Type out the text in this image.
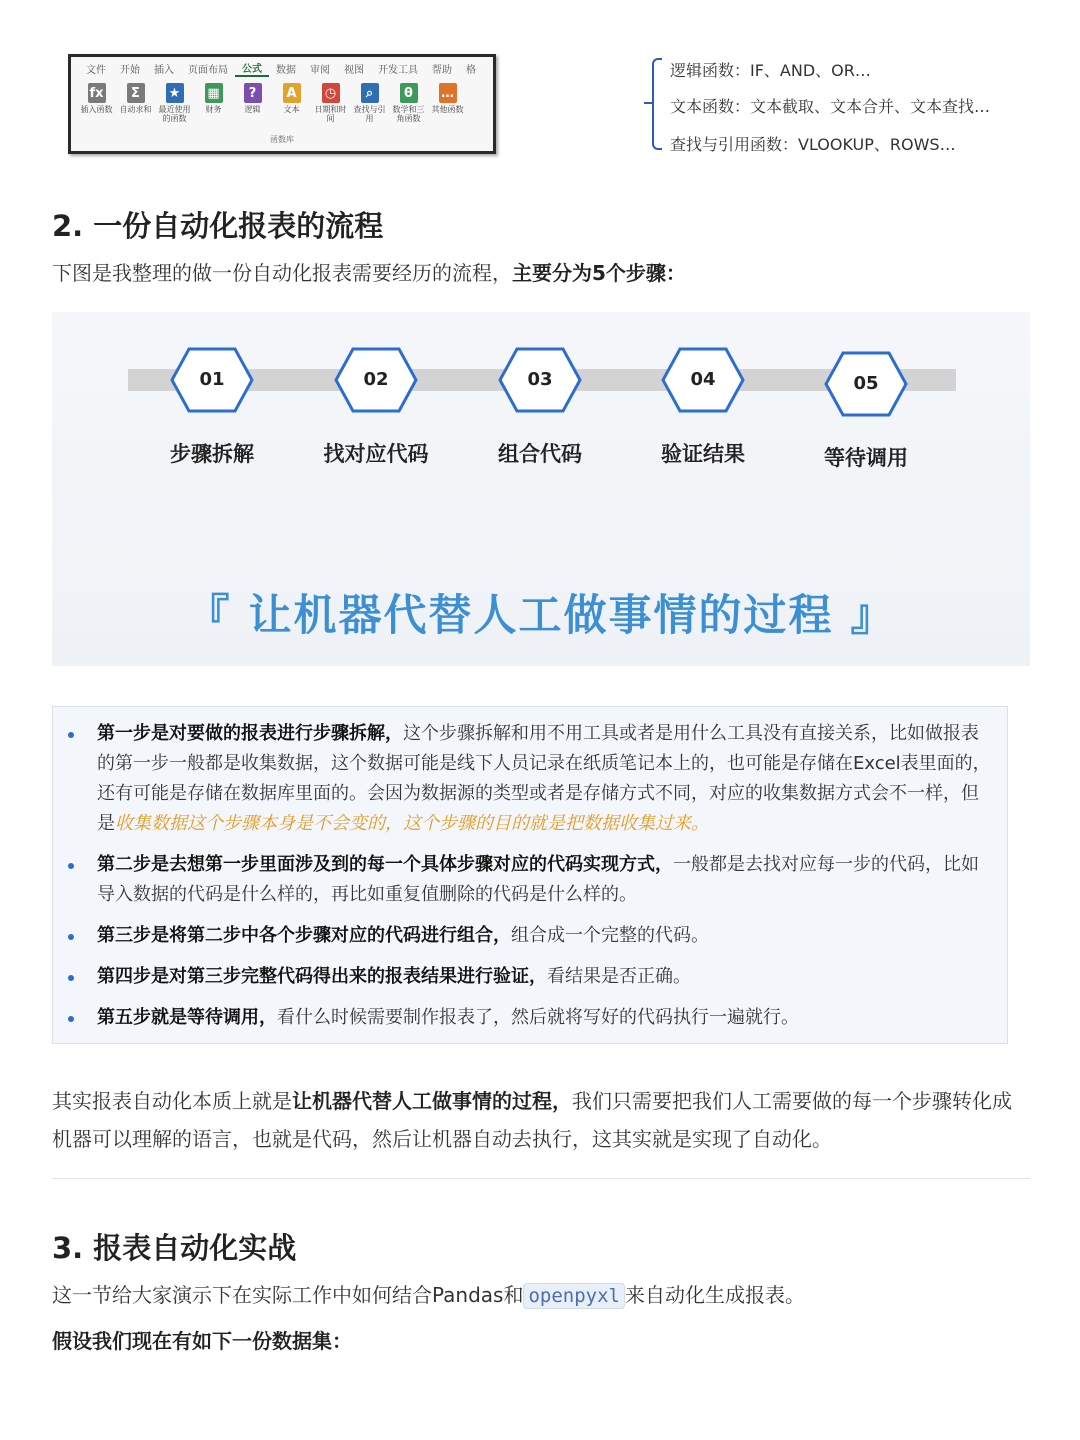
文件	开始	插入	页面布局	公式	数据	审阅	视图	开发工具	帮助	格
fx
插入函数
Σ
自动求和
★
最近使用的函数
▦
财务
?
逻辑
A
文本
◷
日期和时间
⌕
查找与引用
θ
数学和三角函数
…
其他函数
函数库
逻辑函数：IF、AND、OR…
文本函数：文本截取、文本合并、文本查找…
查找与引用函数：VLOOKUP、ROWS…
2. 一份自动化报表的流程

下图是我整理的做一份自动化报表需要经历的流程，主要分为5个步骤：

01
步骤拆解
02
找对应代码
03
组合代码
04
验证结果
05
等待调用
『 让机器代替人工做事情的过程 』
第一步是对要做的报表进行步骤拆解，这个步骤拆解和用不用工具或者是用什么工具没有直接关系，比如做报表的第一步一般都是收集数据，这个数据可能是线下人员记录在纸质笔记本上的，也可能是存储在Excel表里面的，还有可能是存储在数据库里面的。会因为数据源的类型或者是存储方式不同，对应的收集数据方式会不一样，但是收集数据这个步骤本身是不会变的，这个步骤的目的就是把数据收集过来。
第二步是去想第一步里面涉及到的每一个具体步骤对应的代码实现方式，一般都是去找对应每一步的代码，比如导入数据的代码是什么样的，再比如重复值删除的代码是什么样的。
第三步是将第二步中各个步骤对应的代码进行组合，组合成一个完整的代码。
第四步是对第三步完整代码得出来的报表结果进行验证，看结果是否正确。
第五步就是等待调用，看什么时候需要制作报表了，然后就将写好的代码执行一遍就行。

其实报表自动化本质上就是让机器代替人工做事情的过程，我们只需要把我们人工需要做的每一个步骤转化成机器可以理解的语言，也就是代码，然后让机器自动去执行，这其实就是实现了自动化。

3. 报表自动化实战

这一节给大家演示下在实际工作中如何结合Pandas和 openpyxl 来自动化生成报表。

假设我们现在有如下一份数据集：
